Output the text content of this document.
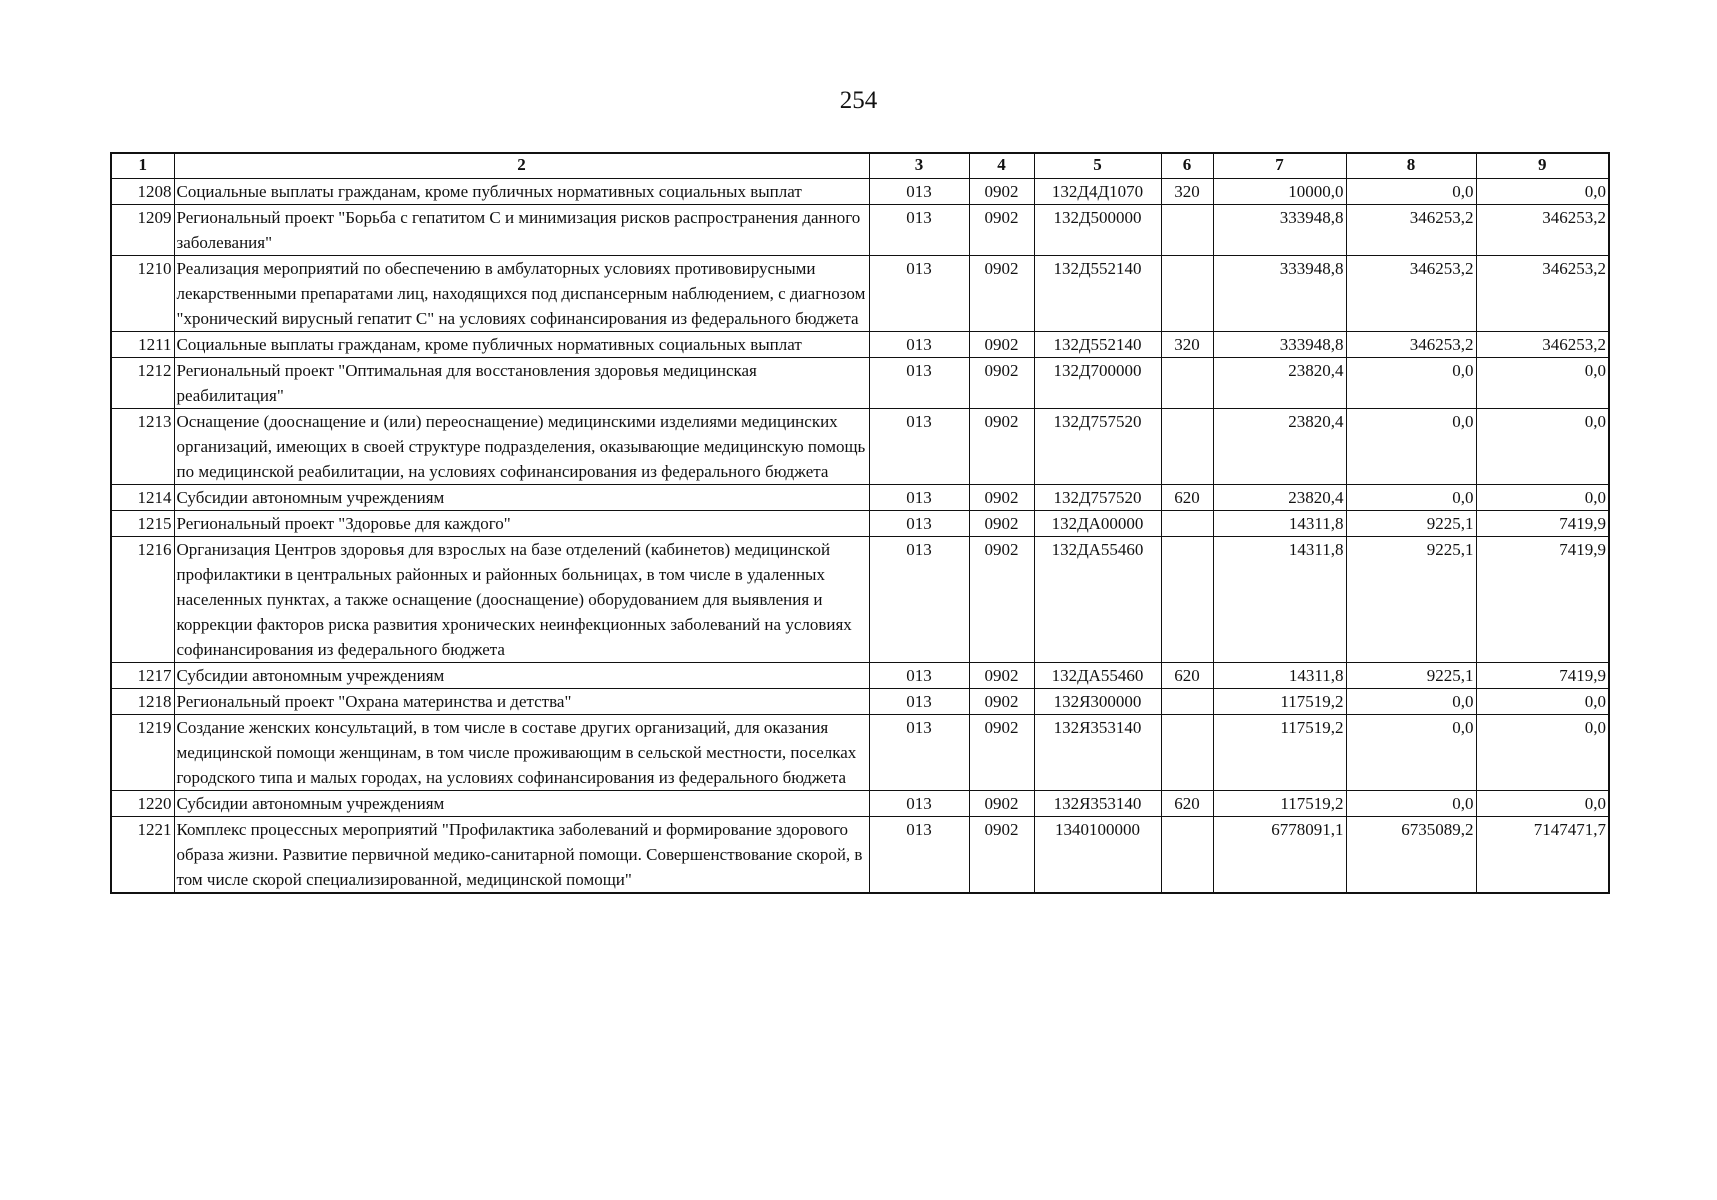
254
1	2	3	4	5	6	7	8	9
1208	Социальные выплаты гражданам, кроме публичных нормативных социальных выплат	013	0902	132Д4Д1070	320	10000,0	0,0	0,0
1209	Региональный проект "Борьба с гепатитом С и минимизация рисков распространения данного заболевания"	013	0902	132Д500000		333948,8	346253,2	346253,2
1210	Реализация мероприятий по обеспечению в амбулаторных условиях противовирусными лекарственными препаратами лиц, находящихся под диспансерным наблюдением, с диагнозом "хронический вирусный гепатит С" на условиях софинансирования из федерального бюджета	013	0902	132Д552140		333948,8	346253,2	346253,2
1211	Социальные выплаты гражданам, кроме публичных нормативных социальных выплат	013	0902	132Д552140	320	333948,8	346253,2	346253,2
1212	Региональный проект "Оптимальная для восстановления здоровья медицинская реабилитация"	013	0902	132Д700000		23820,4	0,0	0,0
1213	Оснащение (дооснащение и (или) переоснащение) медицинскими изделиями медицинских организаций, имеющих в своей структуре подразделения, оказывающие медицинскую помощь по медицинской реабилитации, на условиях софинансирования из федерального бюджета	013	0902	132Д757520		23820,4	0,0	0,0
1214	Субсидии автономным учреждениям	013	0902	132Д757520	620	23820,4	0,0	0,0
1215	Региональный проект "Здоровье для каждого"	013	0902	132ДА00000		14311,8	9225,1	7419,9
1216	Организация Центров здоровья для взрослых на базе отделений (кабинетов) медицинской профилактики в центральных районных и районных больницах, в том числе в удаленных населенных пунктах, а также оснащение (дооснащение) оборудованием для выявления и коррекции факторов риска развития хронических неинфекционных заболеваний на условиях софинансирования из федерального бюджета	013	0902	132ДА55460		14311,8	9225,1	7419,9
1217	Субсидии автономным учреждениям	013	0902	132ДА55460	620	14311,8	9225,1	7419,9
1218	Региональный проект "Охрана материнства и детства"	013	0902	132Я300000		117519,2	0,0	0,0
1219	Создание женских консультаций, в том числе в составе других организаций, для оказания медицинской помощи женщинам, в том числе проживающим в сельской местности, поселках городского типа и малых городах, на условиях софинансирования из федерального бюджета	013	0902	132Я353140		117519,2	0,0	0,0
1220	Субсидии автономным учреждениям	013	0902	132Я353140	620	117519,2	0,0	0,0
1221	Комплекс процессных мероприятий "Профилактика заболеваний и формирование здорового образа жизни. Развитие первичной медико-санитарной помощи. Совершенствование скорой, в том числе скорой специализированной, медицинской помощи"	013	0902	1340100000		6778091,1	6735089,2	7147471,7
